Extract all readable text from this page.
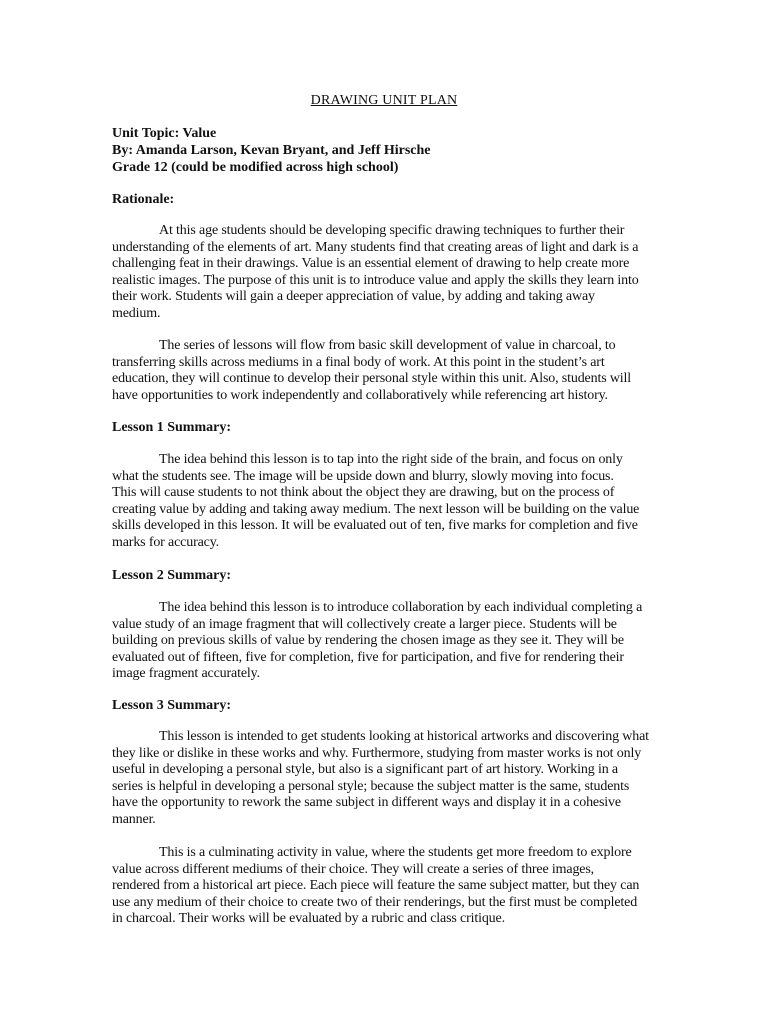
DRAWING UNIT PLAN
Unit Topic: Value
By: Amanda Larson, Kevan Bryant, and Jeff Hirsche
Grade 12 (could be modified across high school)
Rationale:
At this age students should be developing specific drawing techniques to further their
understanding of the elements of art. Many students find that creating areas of light and dark is a
challenging feat in their drawings. Value is an essential element of drawing to help create more
realistic images. The purpose of this unit is to introduce value and apply the skills they learn into
their work. Students will gain a deeper appreciation of value, by adding and taking away
medium.
The series of lessons will flow from basic skill development of value in charcoal, to
transferring skills across mediums in a final body of work. At this point in the student’s art
education, they will continue to develop their personal style within this unit. Also, students will
have opportunities to work independently and collaboratively while referencing art history.
Lesson 1 Summary:
The idea behind this lesson is to tap into the right side of the brain, and focus on only
what the students see. The image will be upside down and blurry, slowly moving into focus.
This will cause students to not think about the object they are drawing, but on the process of
creating value by adding and taking away medium. The next lesson will be building on the value
skills developed in this lesson. It will be evaluated out of ten, five marks for completion and five
marks for accuracy.
Lesson 2 Summary:
The idea behind this lesson is to introduce collaboration by each individual completing a
value study of an image fragment that will collectively create a larger piece. Students will be
building on previous skills of value by rendering the chosen image as they see it. They will be
evaluated out of fifteen, five for completion, five for participation, and five for rendering their
image fragment accurately.
Lesson 3 Summary:
This lesson is intended to get students looking at historical artworks and discovering what
they like or dislike in these works and why. Furthermore, studying from master works is not only
useful in developing a personal style, but also is a significant part of art history. Working in a
series is helpful in developing a personal style; because the subject matter is the same, students
have the opportunity to rework the same subject in different ways and display it in a cohesive
manner.
This is a culminating activity in value, where the students get more freedom to explore
value across different mediums of their choice. They will create a series of three images,
rendered from a historical art piece. Each piece will feature the same subject matter, but they can
use any medium of their choice to create two of their renderings, but the first must be completed
in charcoal. Their works will be evaluated by a rubric and class critique.
